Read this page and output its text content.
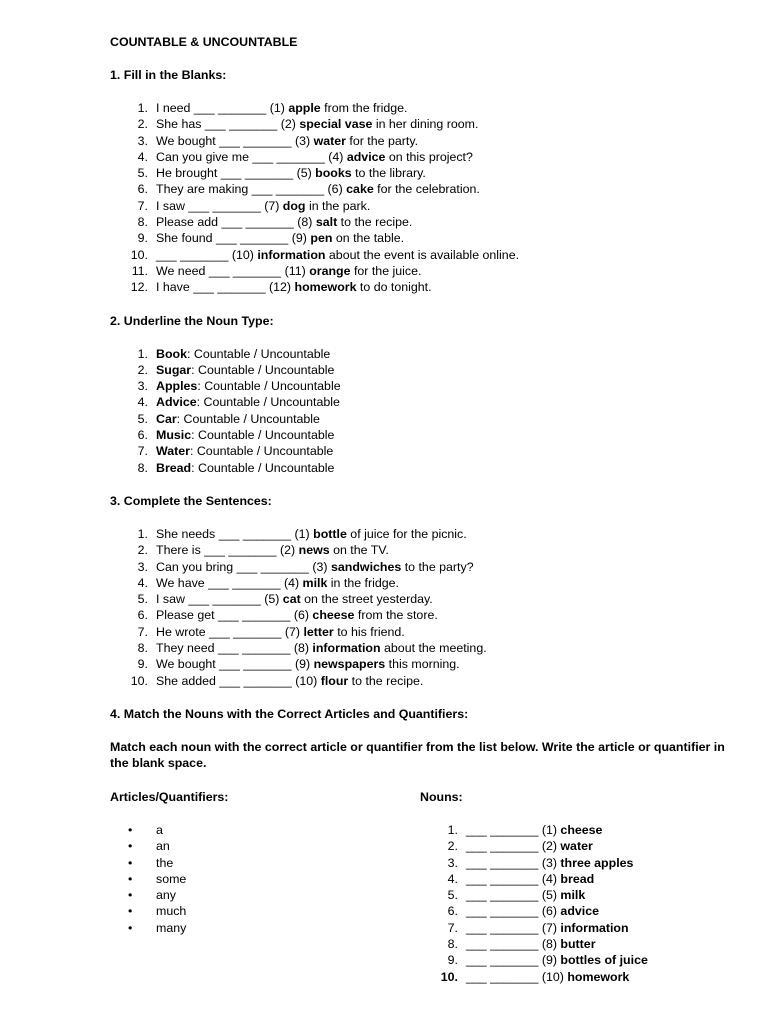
COUNTABLE & UNCOUNTABLE

1. Fill in the Blanks:

1. I need ___ _______ (1) apple from the fridge.
2. She has ___ _______ (2) special vase in her dining room.
3. We bought ___ _______ (3) water for the party.
4. Can you give me ___ _______ (4) advice on this project?
5. He brought ___ _______ (5) books to the library.
6. They are making ___ _______ (6) cake for the celebration.
7. I saw ___ _______ (7) dog in the park.
8. Please add ___ _______ (8) salt to the recipe.
9. She found ___ _______ (9) pen on the table.
10. ___ _______ (10) information about the event is available online.
11. We need ___ _______ (11) orange for the juice.
12. I have ___ _______ (12) homework to do tonight.

2. Underline the Noun Type:

1. Book: Countable / Uncountable
2. Sugar: Countable / Uncountable
3. Apples: Countable / Uncountable
4. Advice: Countable / Uncountable
5. Car: Countable / Uncountable
6. Music: Countable / Uncountable
7. Water: Countable / Uncountable
8. Bread: Countable / Uncountable

3. Complete the Sentences:

1. She needs ___ _______ (1) bottle of juice for the picnic.
2. There is ___ _______ (2) news on the TV.
3. Can you bring ___ _______ (3) sandwiches to the party?
4. We have ___ _______ (4) milk in the fridge.
5. I saw ___ _______ (5) cat on the street yesterday.
6. Please get ___ _______ (6) cheese from the store.
7. He wrote ___ _______ (7) letter to his friend.
8. They need ___ _______ (8) information about the meeting.
9. We bought ___ _______ (9) newspapers this morning.
10. She added ___ _______ (10) flour to the recipe.

4. Match the Nouns with the Correct Articles and Quantifiers:

Match each noun with the correct article or quantifier from the list below. Write the article or quantifier in the blank space.

Articles/Quantifiers:

• a
• an
• the
• some
• any
• much
• many

Nouns:

1. ___ _______ (1) cheese
2. ___ _______ (2) water
3. ___ _______ (3) three apples
4. ___ _______ (4) bread
5. ___ _______ (5) milk
6. ___ _______ (6) advice
7. ___ _______ (7) information
8. ___ _______ (8) butter
9. ___ _______ (9) bottles of juice
10. ___ _______ (10) homework
